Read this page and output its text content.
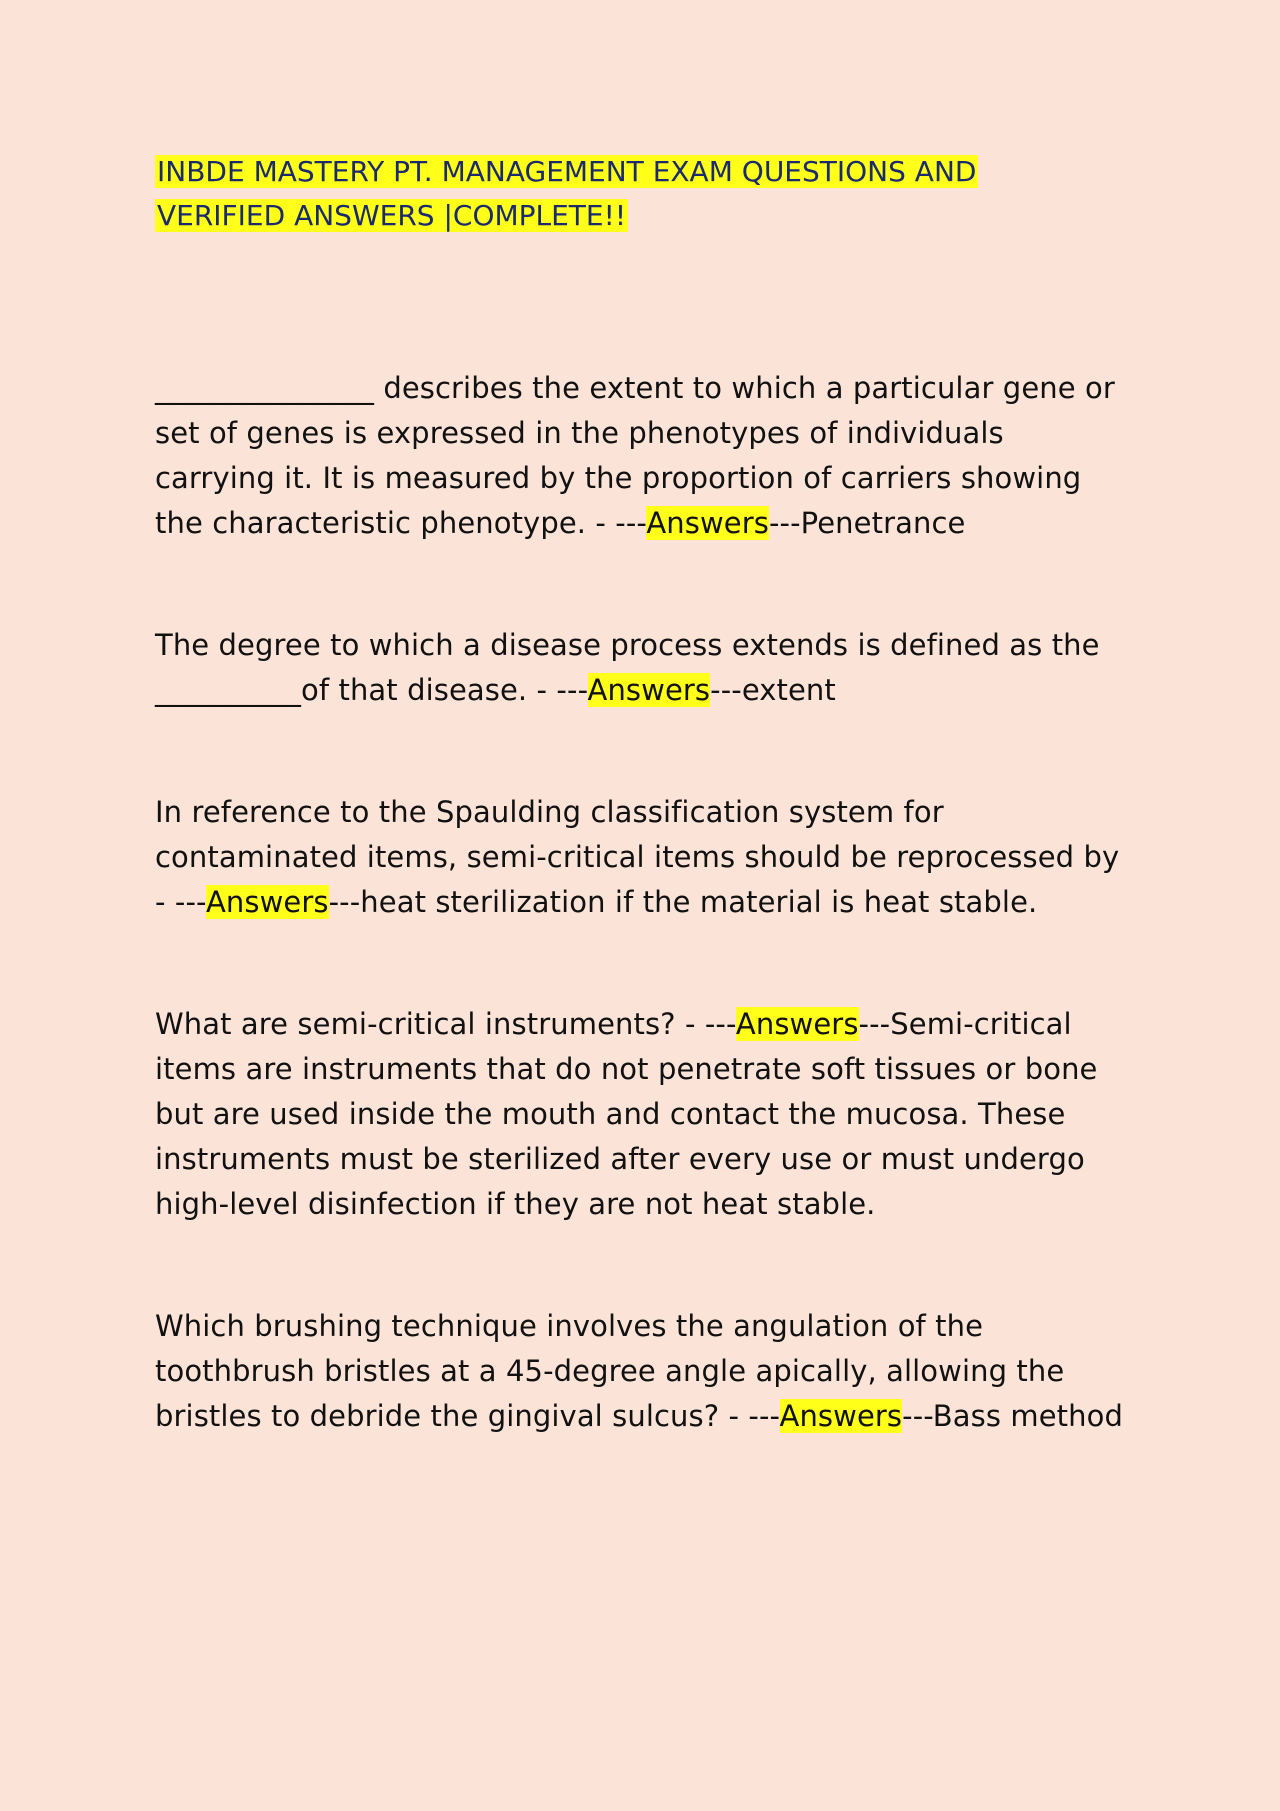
INBDE MASTERY PT. MANAGEMENT EXAM QUESTIONS AND
VERIFIED ANSWERS |COMPLETE!!

_______________ describes the extent to which a particular gene or set of genes is expressed in the phenotypes of individuals carrying it. It is measured by the proportion of carriers showing the characteristic phenotype. - ---Answers---Penetrance

The degree to which a disease process extends is defined as the __________of that disease. - ---Answers---extent

In reference to the Spaulding classification system for contaminated items, semi-critical items should be reprocessed by - ---Answers---heat sterilization if the material is heat stable.

What are semi-critical instruments? - ---Answers---Semi-critical items are instruments that do not penetrate soft tissues or bone but are used inside the mouth and contact the mucosa. These instruments must be sterilized after every use or must undergo high-level disinfection if they are not heat stable.

Which brushing technique involves the angulation of the toothbrush bristles at a 45-degree angle apically, allowing the bristles to debride the gingival sulcus? - ---Answers---Bass method
